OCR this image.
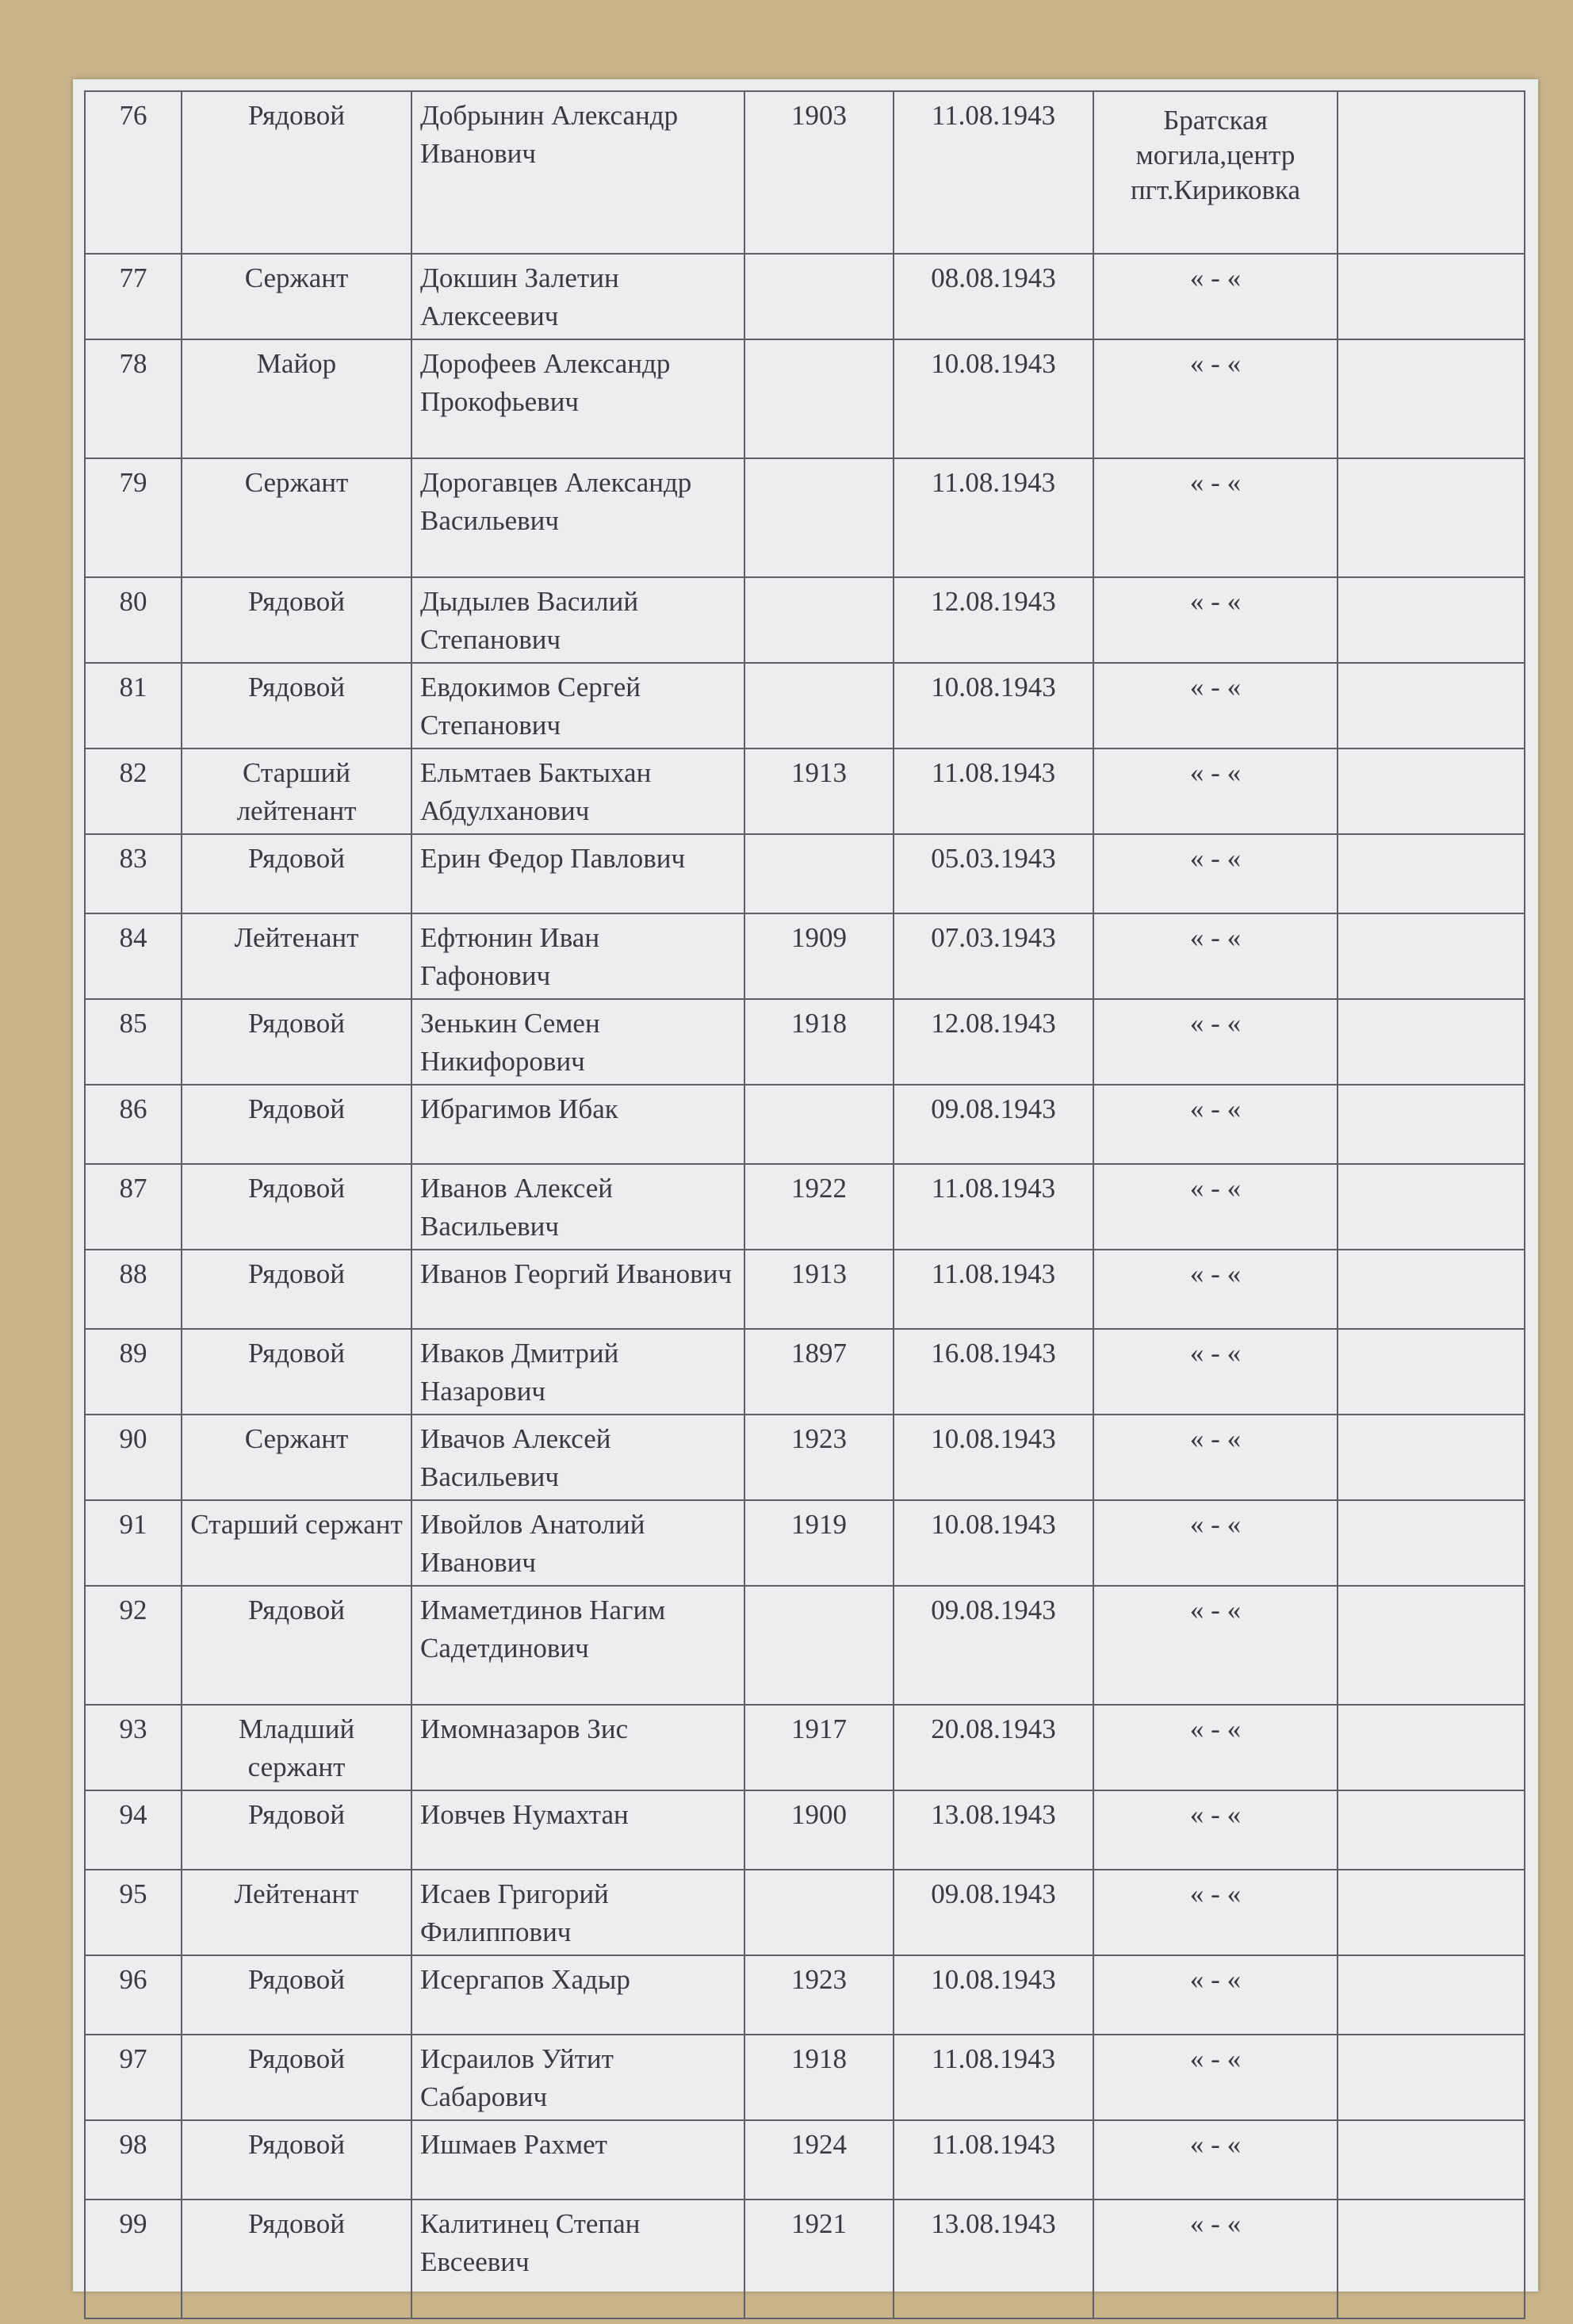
76	Рядовой	Добрынин Александр Иванович	1903	11.08.1943	Братская могила,центр пгт.Кириковка	
77	Сержант	Докшин Залетин Алексеевич		08.08.1943	« - «	
78	Майор	Дорофеев Александр Прокофьевич		10.08.1943	« - «	
79	Сержант	Дорогавцев Александр Васильевич		11.08.1943	« - «	
80	Рядовой	Дыдылев Василий Степанович		12.08.1943	« - «	
81	Рядовой	Евдокимов Сергей Степанович		10.08.1943	« - «	
82	Старший лейтенант	Ельмтаев Бактыхан Абдулханович	1913	11.08.1943	« - «	
83	Рядовой	Ерин Федор Павлович		05.03.1943	« - «	
84	Лейтенант	Ефтюнин Иван Гафонович	1909	07.03.1943	« - «	
85	Рядовой	Зенькин Семен Никифорович	1918	12.08.1943	« - «	
86	Рядовой	Ибрагимов Ибак		09.08.1943	« - «	
87	Рядовой	Иванов Алексей Васильевич	1922	11.08.1943	« - «	
88	Рядовой	Иванов Георгий Иванович	1913	11.08.1943	« - «	
89	Рядовой	Иваков Дмитрий Назарович	1897	16.08.1943	« - «	
90	Сержант	Ивачов Алексей Васильевич	1923	10.08.1943	« - «	
91	Старший сержант	Ивойлов Анатолий Иванович	1919	10.08.1943	« - «	
92	Рядовой	Имаметдинов Нагим Садетдинович		09.08.1943	« - «	
93	Младший сержант	Имомназаров Зис	1917	20.08.1943	« - «	
94	Рядовой	Иовчев Нумахтан	1900	13.08.1943	« - «	
95	Лейтенант	Исаев Григорий Филиппович		09.08.1943	« - «	
96	Рядовой	Исергапов Хадыр	1923	10.08.1943	« - «	
97	Рядовой	Исраилов Уйтит Сабарович	1918	11.08.1943	« - «	
98	Рядовой	Ишмаев Рахмет	1924	11.08.1943	« - «	
99	Рядовой	Калитинец Степан Евсеевич	1921	13.08.1943	« - «	
